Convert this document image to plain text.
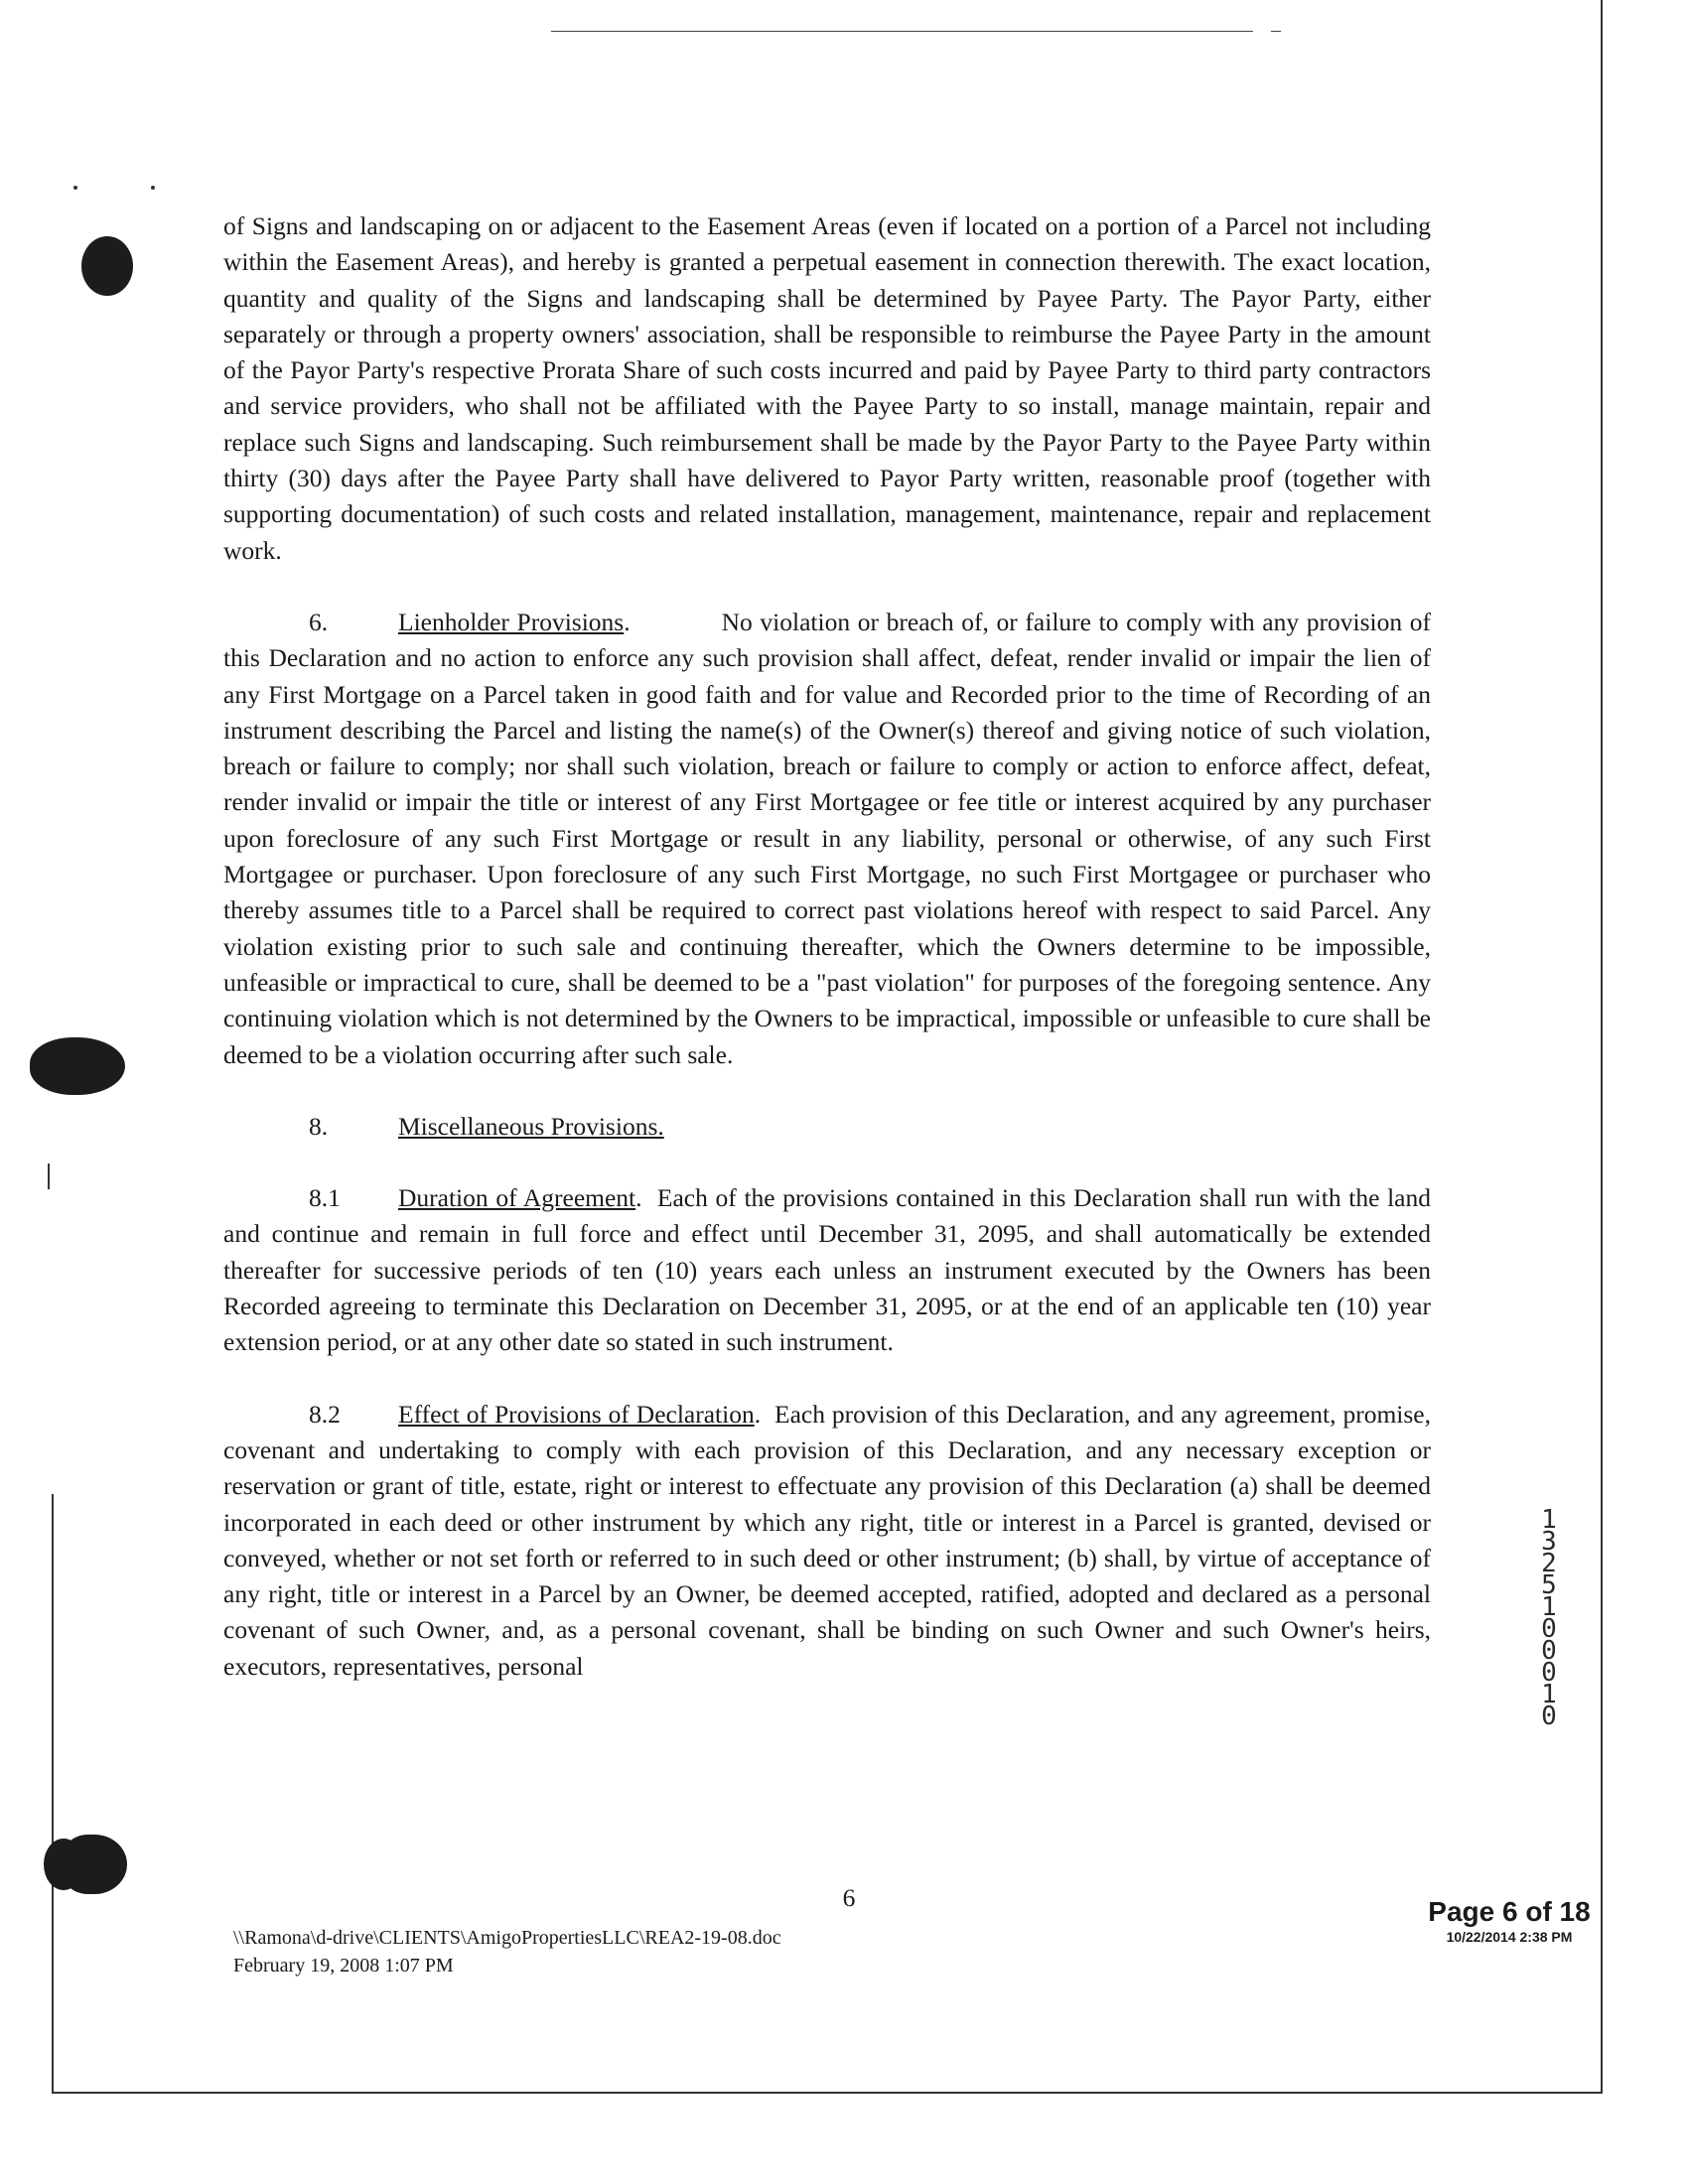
of Signs and landscaping on or adjacent to the Easement Areas (even if located on a portion of a Parcel not including within the Easement Areas), and hereby is granted a perpetual easement in connection therewith. The exact location, quantity and quality of the Signs and landscaping shall be determined by Payee Party. The Payor Party, either separately or through a property owners' association, shall be responsible to reimburse the Payee Party in the amount of the Payor Party's respective Prorata Share of such costs incurred and paid by Payee Party to third party contractors and service providers, who shall not be affiliated with the Payee Party to so install, manage maintain, repair and replace such Signs and landscaping. Such reimbursement shall be made by the Payor Party to the Payee Party within thirty (30) days after the Payee Party shall have delivered to Payor Party written, reasonable proof (together with supporting documentation) of such costs and related installation, management, maintenance, repair and replacement work.

6.	Lienholder Provisions.            No violation or breach of, or failure to comply with any provision of this Declaration and no action to enforce any such provision shall affect, defeat, render invalid or impair the lien of any First Mortgage on a Parcel taken in good faith and for value and Recorded prior to the time of Recording of an instrument describing the Parcel and listing the name(s) of the Owner(s) thereof and giving notice of such violation, breach or failure to comply; nor shall such violation, breach or failure to comply or action to enforce affect, defeat, render invalid or impair the title or interest of any First Mortgagee or fee title or interest acquired by any purchaser upon foreclosure of any such First Mortgage or result in any liability, personal or otherwise, of any such First Mortgagee or purchaser. Upon foreclosure of any such First Mortgage, no such First Mortgagee or purchaser who thereby assumes title to a Parcel shall be required to correct past violations hereof with respect to said Parcel. Any violation existing prior to such sale and continuing thereafter, which the Owners determine to be impossible, unfeasible or impractical to cure, shall be deemed to be a "past violation" for purposes of the foregoing sentence. Any continuing violation which is not determined by the Owners to be impractical, impossible or unfeasible to cure shall be deemed to be a violation occurring after such sale.

8.	Miscellaneous Provisions.

8.1 Duration of Agreement.  Each of the provisions contained in this Declaration shall run with the land and continue and remain in full force and effect until December 31, 2095, and shall automatically be extended thereafter for successive periods of ten (10) years each unless an instrument executed by the Owners has been Recorded agreeing to terminate this Declaration on December 31, 2095, or at the end of an applicable ten (10) year extension period, or at any other date so stated in such instrument.

8.2 Effect of Provisions of Declaration.  Each provision of this Declaration, and any agreement, promise, covenant and undertaking to comply with each provision of this Declaration, and any necessary exception or reservation or grant of title, estate, right or interest to effectuate any provision of this Declaration (a) shall be deemed incorporated in each deed or other instrument by which any right, title or interest in a Parcel is granted, devised or conveyed, whether or not set forth or referred to in such deed or other instrument; (b) shall, by virtue of acceptance of any right, title or interest in a Parcel by an Owner, be deemed accepted, ratified, adopted and declared as a personal covenant of such Owner, and, as a personal covenant, shall be binding on such Owner and such Owner's heirs, executors, representatives, personal

6
\\Ramona\d-drive\CLIENTS\AmigoPropertiesLLC\REA2-19-08.doc
February 19, 2008 1:07 PM
Page 6 of 18
10/22/2014 2:38 PM
1
3
2
5
1
0
0
0
1
0
